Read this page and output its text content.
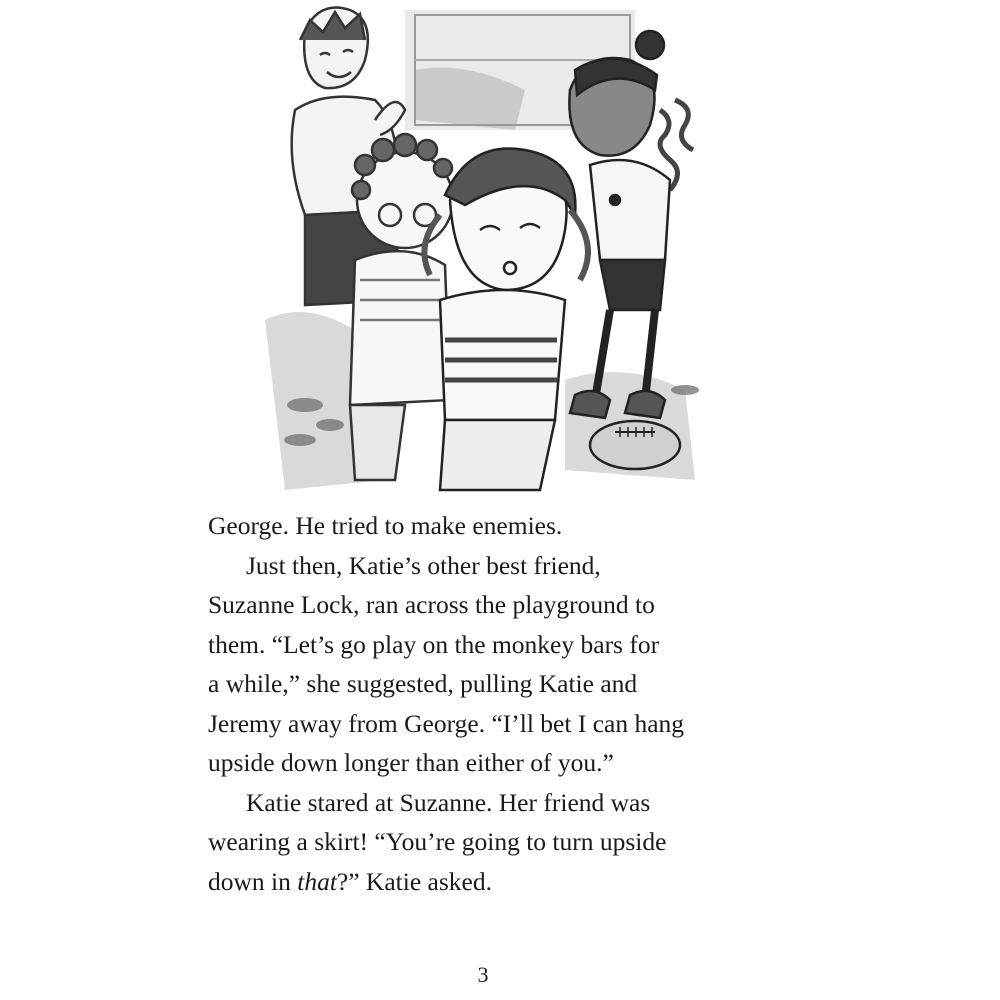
George. He tried to make enemies.
Just then, Katie’s other best friend,
Suzanne Lock, ran across the playground to
them. “Let’s go play on the monkey bars for
a while,” she suggested, pulling Katie and
Jeremy away from George. “I’ll bet I can hang
upside down longer than either of you.”
Katie stared at Suzanne. Her friend was
wearing a skirt! “You’re going to turn upside
down in that?” Katie asked.
3
